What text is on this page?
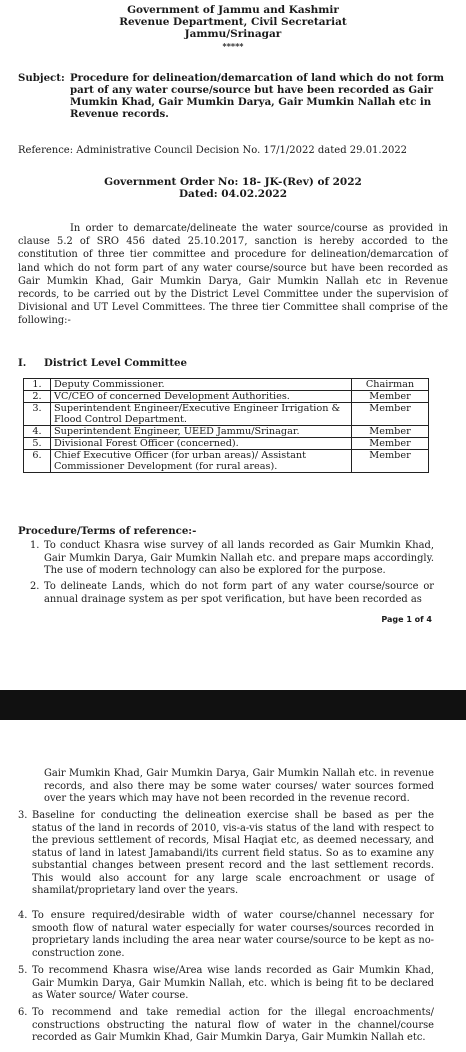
Government of Jammu and Kashmir
Revenue Department, Civil Secretariat
Jammu/Srinagar
*****
Subject: Procedure for delineation/demarcation of land which do not form part of any water course/source but have been recorded as Gair Mumkin Khad, Gair Mumkin Darya, Gair Mumkin Nallah etc in Revenue records.
Reference: Administrative Council Decision No. 17/1/2022 dated 29.01.2022
Government Order No: 18- JK-(Rev) of 2022
Dated: 04.02.2022

In order to demarcate/delineate the water source/course as provided in clause 5.2 of SRO 456 dated 25.10.2017, sanction is hereby accorded to the constitution of three tier committee and procedure for delineation/demarcation of land which do not form part of any water course/source but have been recorded as Gair Mumkin Khad, Gair Mumkin Darya, Gair Mumkin Nallah etc in Revenue records, to be carried out by the District Level Committee under the supervision of Divisional and UT Level Committees. The three tier Committee shall comprise of the following:-

I. District Level Committee
1.	Deputy Commissioner.	Chairman
2.	VC/CEO of concerned Development Authorities.	Member
3.	Superintendent Engineer/Executive Engineer Irrigation & Flood Control Department.	Member
4.	Superintendent Engineer, UEED Jammu/Srinagar.	Member
5.	Divisional Forest Officer (concerned).	Member
6.	Chief Executive Officer (for urban areas)/ Assistant Commissioner Development (for rural areas).	Member
Procedure/Terms of reference:-
1. To conduct Khasra wise survey of all lands recorded as Gair Mumkin Khad, Gair Mumkin Darya, Gair Mumkin Nallah etc. and prepare maps accordingly. The use of modern technology can also be explored for the purpose.
2. To delineate Lands, which do not form part of any water course/source or annual drainage system as per spot verification, but have been recorded as
Page 1 of 4
Gair Mumkin Khad, Gair Mumkin Darya, Gair Mumkin Nallah etc. in revenue records, and also there may be some water courses/ water sources formed over the years which may have not been recorded in the revenue record.
3. Baseline for conducting the delineation exercise shall be based as per the status of the land in records of 2010, vis-a-vis status of the land with respect to the previous settlement of records, Misal Haqiat etc, as deemed necessary, and status of land in latest Jamabandi/its current field status. So as to examine any substantial changes between present record and the last settlement records. This would also account for any large scale encroachment or usage of shamilat/proprietary land over the years.
4. To ensure required/desirable width of water course/channel necessary for smooth flow of natural water especially for water courses/sources recorded in proprietary lands including the area near water course/source to be kept as no-construction zone.
5. To recommend Khasra wise/Area wise lands recorded as Gair Mumkin Khad, Gair Mumkin Darya, Gair Mumkin Nallah, etc. which is being fit to be declared as Water source/ Water course.
6. To recommend and take remedial action for the illegal encroachments/ constructions obstructing the natural flow of water in the channel/course recorded as Gair Mumkin Khad, Gair Mumkin Darya, Gair Mumkin Nallah etc.
